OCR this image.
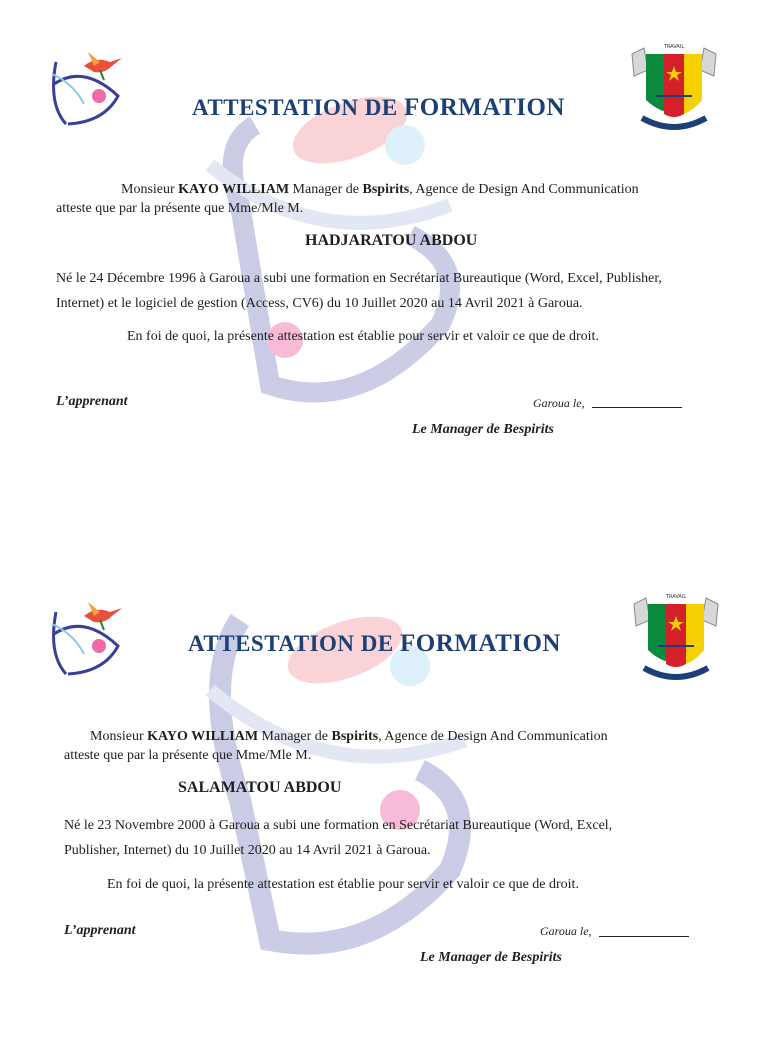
TRAVAIL
ATTESTATION DE FORMATION

Monsieur KAYO WILLIAM Manager de Bspirits, Agence de Design And Communication

atteste que par la présente que Mme/Mle M.

HADJARATOU ABDOU

Né le 24 Décembre 1996 à Garoua a subi une formation en Secrétariat Bureautique (Word, Excel, Publisher,

Internet) et le logiciel de gestion (Access, CV6) du 10 Juillet 2020 au 14 Avril 2021 à Garoua.

En foi de quoi, la présente attestation est établie pour servir et valoir ce que de droit.

L’apprenant	Garoua le,

Le Manager de Bespirits

TRAVAIL
ATTESTATION DE FORMATION

Monsieur KAYO WILLIAM Manager de Bspirits, Agence de Design And Communication

atteste que par la présente que Mme/Mle M.

SALAMATOU ABDOU

Né le 23 Novembre 2000 à Garoua a subi une formation en Secrétariat Bureautique (Word, Excel,

Publisher, Internet) du 10 Juillet 2020 au 14 Avril 2021 à Garoua.

En foi de quoi, la présente attestation est établie pour servir et valoir ce que de droit.

L’apprenant	Garoua le,

Le Manager de Bespirits
